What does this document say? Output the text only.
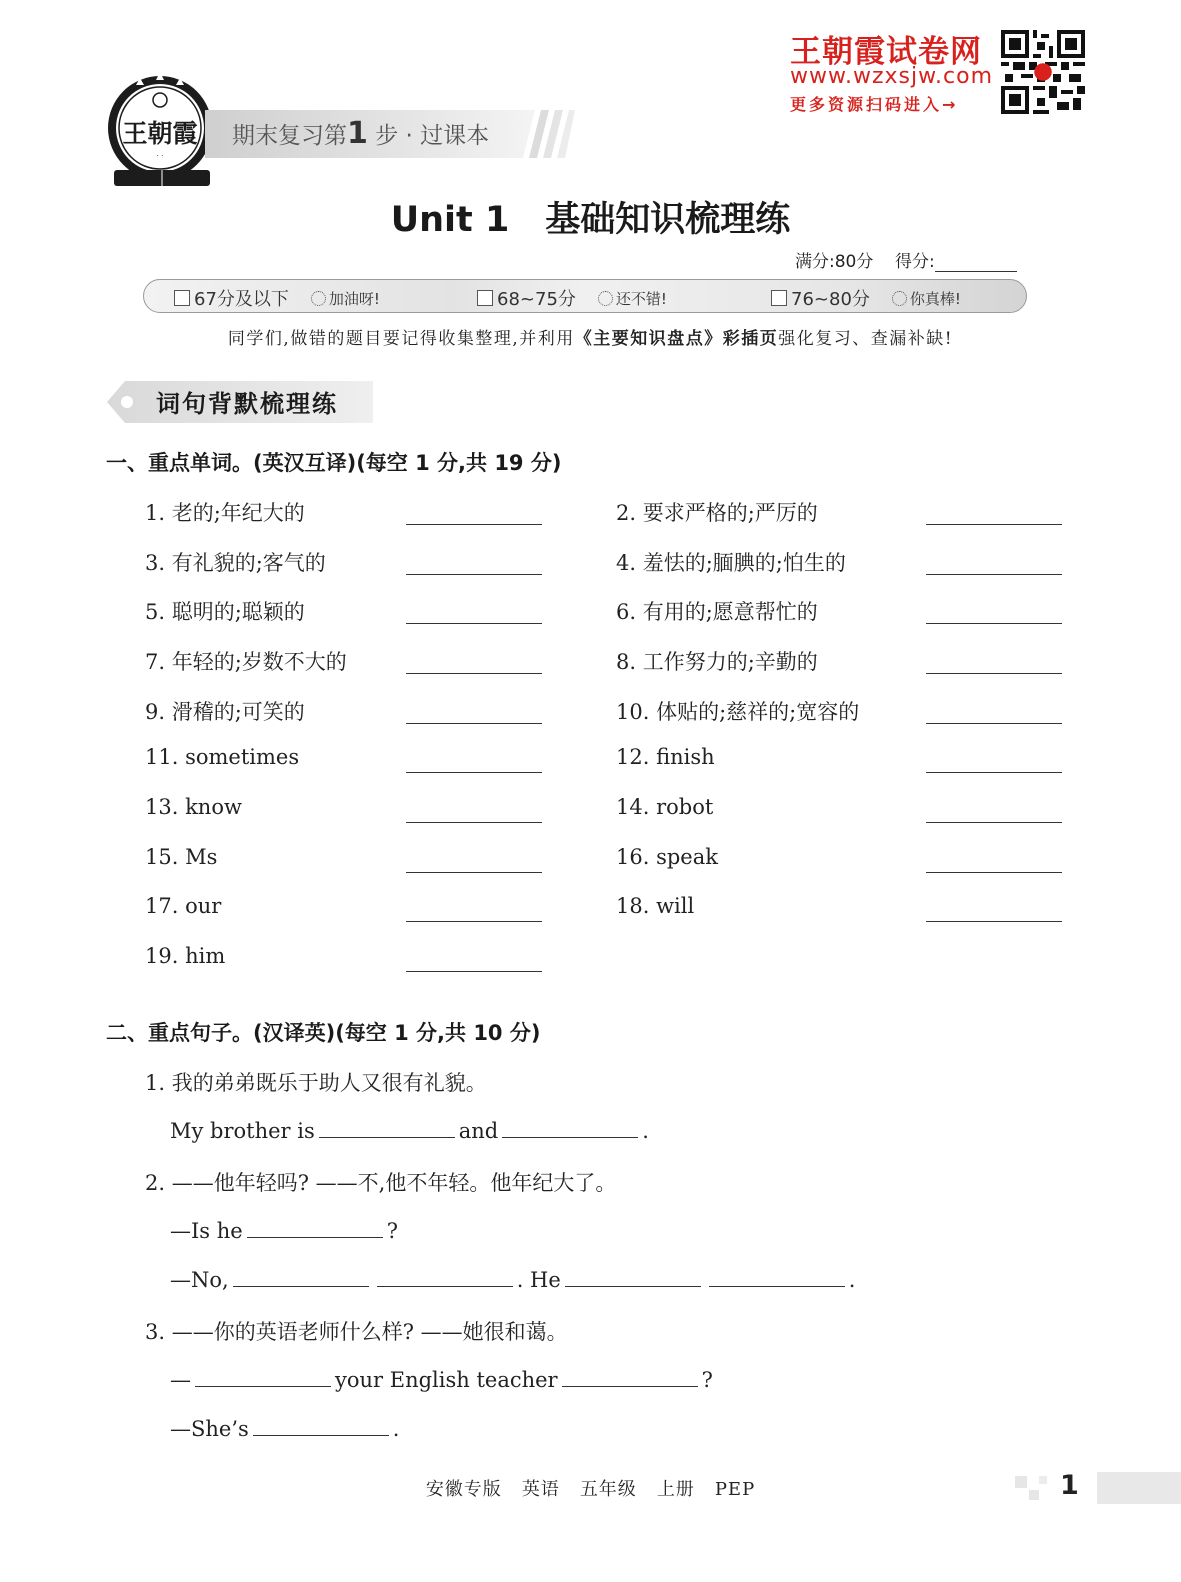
王朝霞
· ·
期末复习第1 步 · 过课本
王朝霞试卷网
www.wzxsjw.com
更多资源扫码进入→
Unit 1 基础知识梳理练
满分:80分 得分:
67分及以下	加油呀!	68~75分	还不错!	76~80分	你真棒!
同学们,做错的题目要记得收集整理,并利用《主要知识盘点》彩插页强化复习、查漏补缺!
词句背默梳理练
一、重点单词。(英汉互译)(每空 1 分,共 19 分)
1. 老的;年纪大的	2. 要求严格的;严厉的
3. 有礼貌的;客气的	4. 羞怯的;腼腆的;怕生的
5. 聪明的;聪颖的	6. 有用的;愿意帮忙的
7. 年轻的;岁数不大的	8. 工作努力的;辛勤的
9. 滑稽的;可笑的	10. 体贴的;慈祥的;宽容的
11. sometimes	12. finish
13. know	14. robot
15. Ms	16. speak
17. our	18. will
19. him
二、重点句子。(汉译英)(每空 1 分,共 10 分)
1. 我的弟弟既乐于助人又很有礼貌。
My brother is	and	.
2. ——他年轻吗? ——不,他不年轻。他年纪大了。
—Is he	?
—No,	. He	.
3. ——你的英语老师什么样? ——她很和蔼。
—	your English teacher	?
—She’s	.
安徽专版 英语 五年级 上册 PEP	1
